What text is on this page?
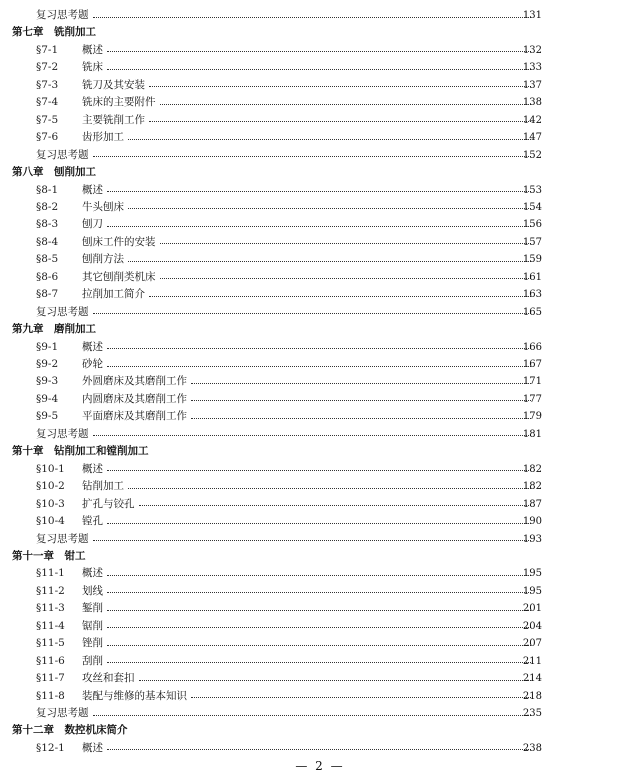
复习思考题	131
第七章　铣削加工
§7-1	概述	132
§7-2	铣床	133
§7-3	铣刀及其安装	137
§7-4	铣床的主要附件	138
§7-5	主要铣削工作	142
§7-6	齿形加工	147
复习思考题	152
第八章　刨削加工
§8-1	概述	153
§8-2	牛头刨床	154
§8-3	刨刀	156
§8-4	刨床工件的安装	157
§8-5	刨削方法	159
§8-6	其它刨削类机床	161
§8-7	拉削加工简介	163
复习思考题	165
第九章　磨削加工
§9-1	概述	166
§9-2	砂轮	167
§9-3	外圆磨床及其磨削工作	171
§9-4	内圆磨床及其磨削工作	177
§9-5	平面磨床及其磨削工作	179
复习思考题	181
第十章　钻削加工和镗削加工
§10-1	概述	182
§10-2	钻削加工	182
§10-3	扩孔与铰孔	187
§10-4	镗孔	190
复习思考题	193
第十一章　钳工
§11-1	概述	195
§11-2	划线	195
§11-3	錾削	201
§11-4	锯削	204
§11-5	锉削	207
§11-6	刮削	211
§11-7	攻丝和套扣	214
§11-8	装配与维修的基本知识	218
复习思考题	235
第十二章　数控机床简介
§12-1	概述	238
— 2 —
